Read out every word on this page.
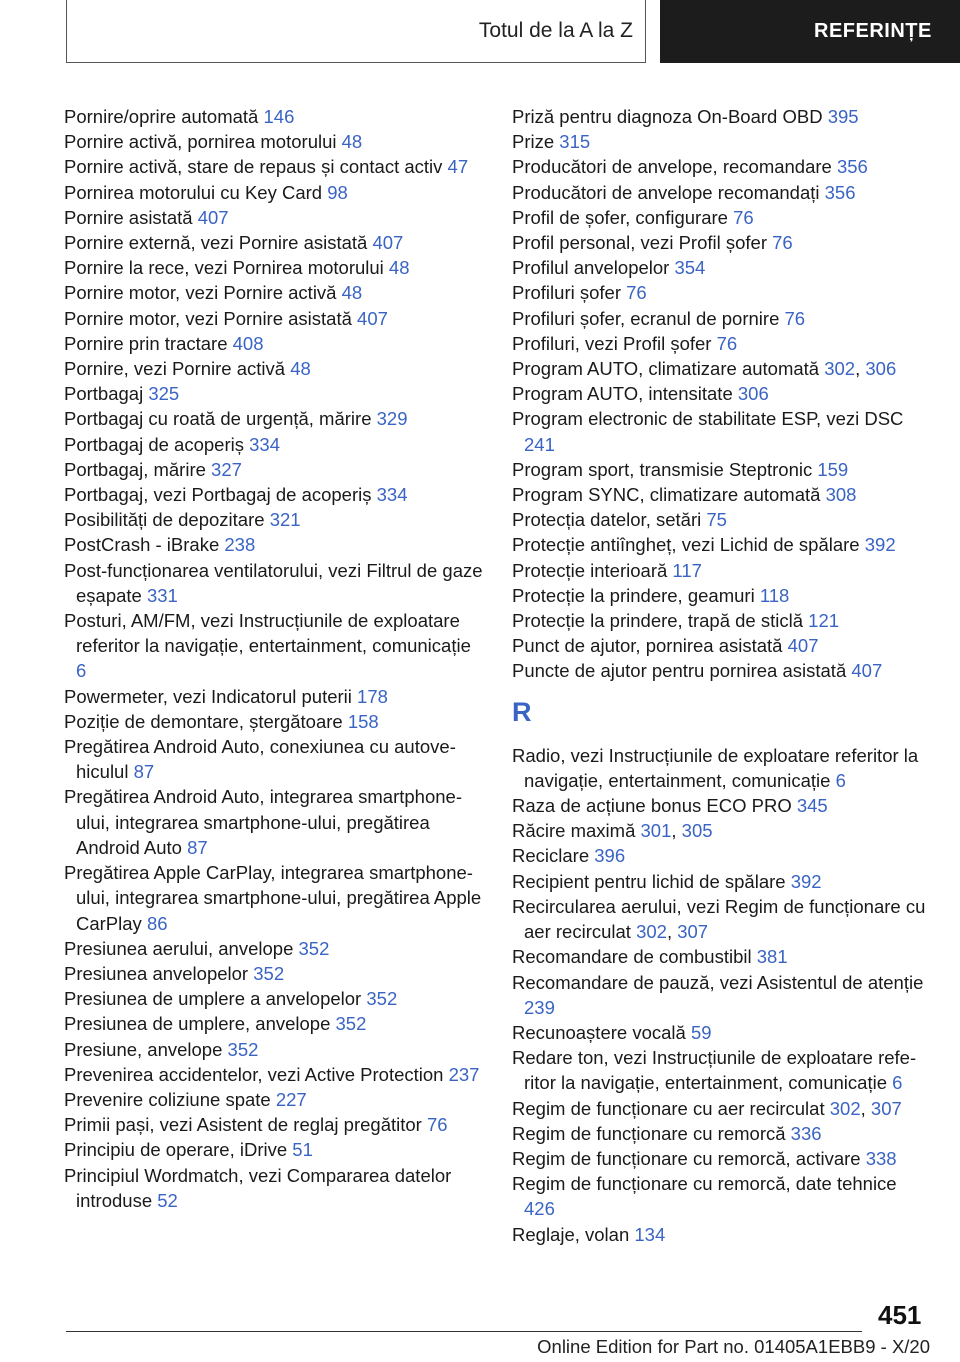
Totul de la A la Z	REFERINȚE

Pornire/oprire automată 146

Pornire activă, pornirea motorului 48

Pornire activă, stare de repaus și contact activ 47

Pornirea motorului cu Key Card 98

Pornire asistată 407

Pornire externă, vezi Pornire asistată 407

Pornire la rece, vezi Pornirea motorului 48

Pornire motor, vezi Pornire activă 48

Pornire motor, vezi Pornire asistată 407

Pornire prin tractare 408

Pornire, vezi Pornire activă 48

Portbagaj 325

Portbagaj cu roată de urgență, mărire 329

Portbagaj de acoperiș 334

Portbagaj, mărire 327

Portbagaj, vezi Portbagaj de acoperiș 334

Posibilități de depozitare 321

PostCrash - iBrake 238

Post-funcționarea ventilatorului, vezi Filtrul de gaze eșapate 331

Posturi, AM/FM, vezi Instrucțiunile de exploatare referitor la navigație, entertainment, comunicație 6

Powermeter, vezi Indicatorul puterii 178

Poziție de demontare, ștergătoare 158

Pregătirea Android Auto, conexiunea cu autovehiculul 87

Pregătirea Android Auto, integrarea smartphone-ului, integrarea smartphone-ului, pregătirea Android Auto 87

Pregătirea Apple CarPlay, integrarea smartphone-ului, integrarea smartphone-ului, pregătirea Apple CarPlay 86

Presiunea aerului, anvelope 352

Presiunea anvelopelor 352

Presiunea de umplere a anvelopelor 352

Presiunea de umplere, anvelope 352

Presiune, anvelope 352

Prevenirea accidentelor, vezi Active Protection 237

Prevenire coliziune spate 227

Primii pași, vezi Asistent de reglaj pregătitor 76

Principiu de operare, iDrive 51

Principiul Wordmatch, vezi Compararea datelor introduse 52

Priză pentru diagnoza On-Board OBD 395

Prize 315

Producători de anvelope, recomandare 356

Producători de anvelope recomandați 356

Profil de șofer, configurare 76

Profil personal, vezi Profil șofer 76

Profilul anvelopelor 354

Profiluri șofer 76

Profiluri șofer, ecranul de pornire 76

Profiluri, vezi Profil șofer 76

Program AUTO, climatizare automată 302, 306

Program AUTO, intensitate 306

Program electronic de stabilitate ESP, vezi DSC 241

Program sport, transmisie Steptronic 159

Program SYNC, climatizare automată 308

Protecția datelor, setări 75

Protecție antiîngheț, vezi Lichid de spălare 392

Protecție interioară 117

Protecție la prindere, geamuri 118

Protecție la prindere, trapă de sticlă 121

Punct de ajutor, pornirea asistată 407

Puncte de ajutor pentru pornirea asistată 407

R

Radio, vezi Instrucțiunile de exploatare referitor la navigație, entertainment, comunicație 6

Raza de acțiune bonus ECO PRO 345

Răcire maximă 301, 305

Reciclare 396

Recipient pentru lichid de spălare 392

Recircularea aerului, vezi Regim de funcționare cu aer recirculat 302, 307

Recomandare de combustibil 381

Recomandare de pauză, vezi Asistentul de atenție 239

Recunoaștere vocală 59

Redare ton, vezi Instrucțiunile de exploatare referitor la navigație, entertainment, comunicație 6

Regim de funcționare cu aer recirculat 302, 307

Regim de funcționare cu remorcă 336

Regim de funcționare cu remorcă, activare 338

Regim de funcționare cu remorcă, date tehnice 426

Reglaje, volan 134

451
Online Edition for Part no. 01405A1EBB9 - X/20
